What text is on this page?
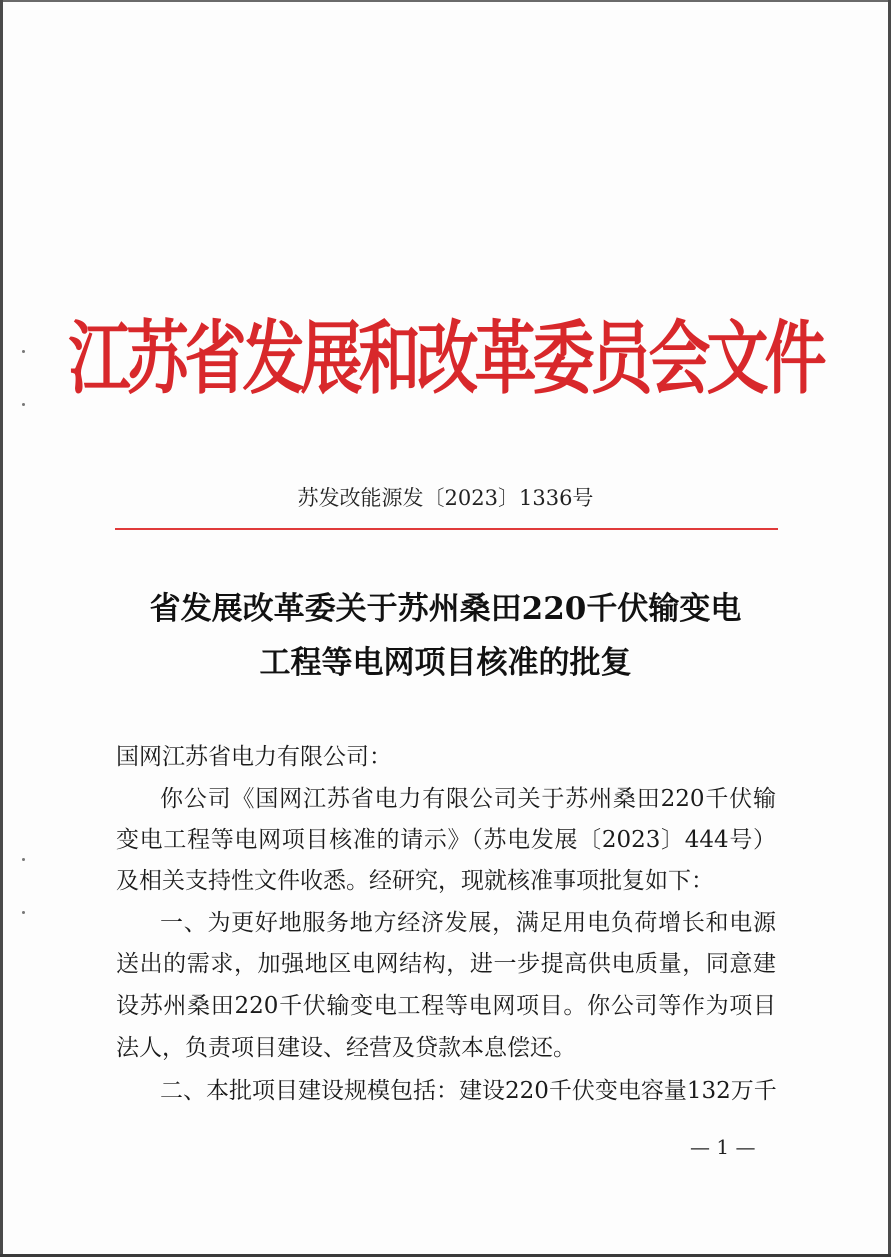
江苏省发展和改革委员会文件
苏发改能源发〔2023〕1336号
省发展改革委关于苏州桑田220千伏输变电
工程等电网项目核准的批复
国网江苏省电力有限公司：
你公司《国网江苏省电力有限公司关于苏州桑田220千伏输
变电工程等电网项目核准的请示》（苏电发展〔2023〕444号）
及相关支持性文件收悉。经研究，现就核准事项批复如下：
一、为更好地服务地方经济发展，满足用电负荷增长和电源
送出的需求，加强地区电网结构，进一步提高供电质量，同意建
设苏州桑田220千伏输变电工程等电网项目。你公司等作为项目
法人，负责项目建设、经营及贷款本息偿还。
二、本批项目建设规模包括：建设220千伏变电容量132万千
— 1 —
